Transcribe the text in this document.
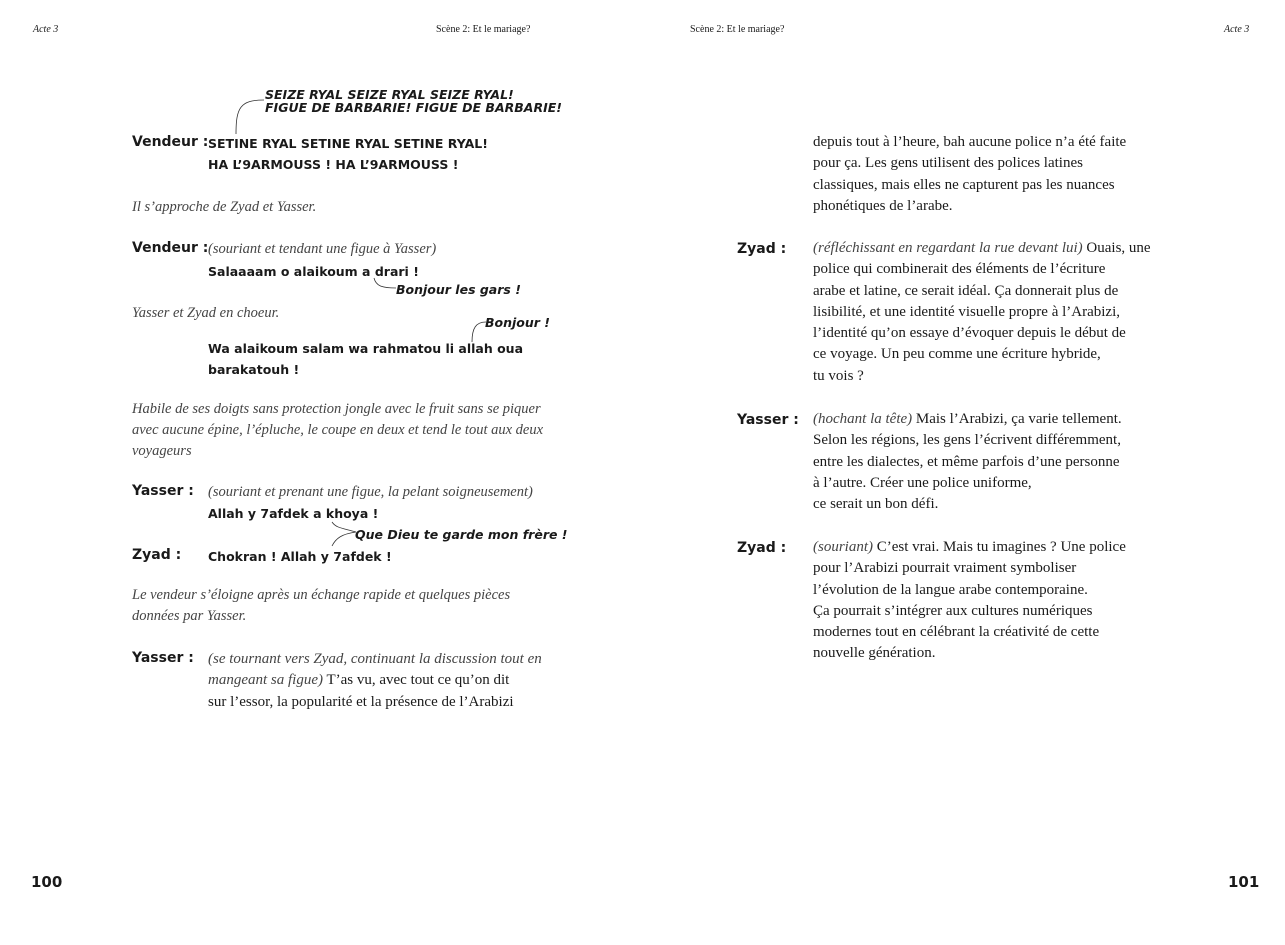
Acte 3	Scène 2: Et le mariage?
SEIZE RYAL SEIZE RYAL SEIZE RYAL!
FIGUE DE BARBARIE! FIGUE DE BARBARIE!
Vendeur : SETINE RYAL SETINE RYAL SETINE RYAL!
HA L’9ARMOUSS ! HA L’9ARMOUSS !
Il s’approche de Zyad et Yasser.
Vendeur : (souriant et tendant une figue à Yasser)
Salaaaam o alaikoum a drari !
Bonjour les gars !
Yasser et Zyad en choeur.
Bonjour !
Wa alaikoum salam wa rahmatou li allah oua
barakatouh !
Habile de ses doigts sans protection jongle avec le fruit sans se piquer
avec aucune épine, l’épluche, le coupe en deux et tend le tout aux deux
voyageurs
Yasser : (souriant et prenant une figue, la pelant soigneusement)
Allah y 7afdek a khoya !
Que Dieu te garde mon frère !
Zyad : Chokran ! Allah y 7afdek !
Le vendeur s’éloigne après un échange rapide et quelques pièces
données par Yasser.
Yasser : (se tournant vers Zyad, continuant la discussion tout en
mangeant sa figue) T’as vu, avec tout ce qu’on dit
sur l’essor, la popularité et la présence de l’Arabizi
100
Scène 2: Et le mariage?	Acte 3
depuis tout à l’heure, bah aucune police n’a été faite
pour ça. Les gens utilisent des polices latines
classiques, mais elles ne capturent pas les nuances
phonétiques de l’arabe.
Zyad : (réfléchissant en regardant la rue devant lui) Ouais, une
police qui combinerait des éléments de l’écriture
arabe et latine, ce serait idéal. Ça donnerait plus de
lisibilité, et une identité visuelle propre à l’Arabizi,
l’identité qu’on essaye d’évoquer depuis le début de
ce voyage. Un peu comme une écriture hybride,
tu vois ?
Yasser : (hochant la tête) Mais l’Arabizi, ça varie tellement.
Selon les régions, les gens l’écrivent différemment,
entre les dialectes, et même parfois d’une personne
à l’autre. Créer une police uniforme,
ce serait un bon défi.
Zyad : (souriant) C’est vrai. Mais tu imagines ? Une police
pour l’Arabizi pourrait vraiment symboliser
l’évolution de la langue arabe contemporaine.
Ça pourrait s’intégrer aux cultures numériques
modernes tout en célébrant la créativité de cette
nouvelle génération.
101
